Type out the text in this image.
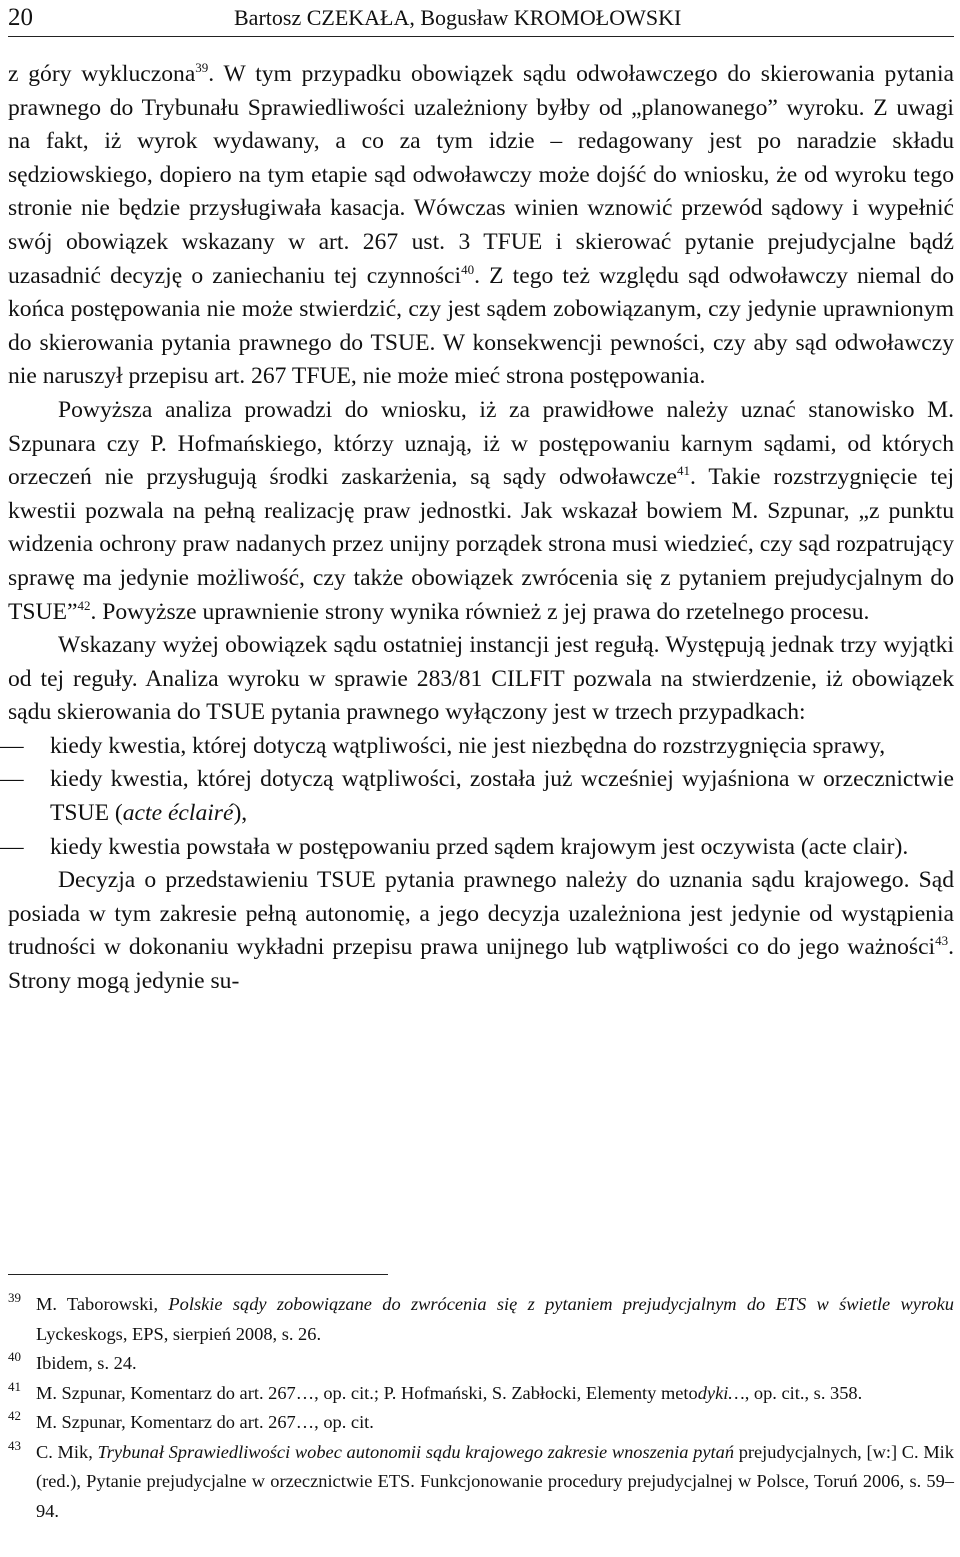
20	Bartosz CZEKAŁA, Bogusław KROMOŁOWSKI

z góry wykluczona$^{39}$. W tym przypadku obowiązek sądu odwoławczego do skierowania pytania prawnego do Trybunału Sprawiedliwości uzależniony byłby od „planowanego” wyroku. Z uwagi na fakt, iż wyrok wydawany, a co za tym idzie – redagowany jest po naradzie składu sędziowskiego, dopiero na tym etapie sąd odwoławczy może dojść do wniosku, że od wyroku tego stronie nie będzie przysługiwała kasacja. Wówczas winien wznowić przewód sądowy i wypełnić swój obowiązek wskazany w art. 267 ust. 3 TFUE i skierować pytanie prejudycjalne bądź uzasadnić decyzję o zaniechaniu tej czynności$^{40}$. Z tego też względu sąd odwoławczy niemal do końca postępowania nie może stwierdzić, czy jest sądem zobowiązanym, czy jedynie uprawnionym do skierowania pytania prawnego do TSUE. W konsekwencji pewności, czy aby sąd odwoławczy nie naruszył przepisu art. 267 TFUE, nie może mieć strona postępowania.

Powyższa analiza prowadzi do wniosku, iż za prawidłowe należy uznać stanowisko M. Szpunara czy P. Hofmańskiego, którzy uznają, iż w postępowaniu karnym sądami, od których orzeczeń nie przysługują środki zaskarżenia, są sądy odwoławcze$^{41}$. Takie rozstrzygnięcie tej kwestii pozwala na pełną realizację praw jednostki. Jak wskazał bowiem M. Szpunar, „z punktu widzenia ochrony praw nadanych przez unijny porządek strona musi wiedzieć, czy sąd rozpatrujący sprawę ma jedynie możliwość, czy także obowiązek zwrócenia się z pytaniem prejudycjalnym do TSUE”$^{42}$. Powyższe uprawnienie strony wynika również z jej prawa do rzetelnego procesu.

Wskazany wyżej obowiązek sądu ostatniej instancji jest regułą. Występują jednak trzy wyjątki od tej reguły. Analiza wyroku w sprawie 283/81 CILFIT pozwala na stwierdzenie, iż obowiązek sądu skierowania do TSUE pytania prawnego wyłączony jest w trzech przypadkach:

— kiedy kwestia, której dotyczą wątpliwości, nie jest niezbędna do rozstrzygnięcia sprawy,
— kiedy kwestia, której dotyczą wątpliwości, została już wcześniej wyjaśniona w orzecznictwie TSUE (acte éclairé),
— kiedy kwestia powstała w postępowaniu przed sądem krajowym jest oczywista (acte clair).

Decyzja o przedstawieniu TSUE pytania prawnego należy do uznania sądu krajowego. Sąd posiada w tym zakresie pełną autonomię, a jego decyzja uzależniona jest jedynie od wystąpienia trudności w dokonaniu wykładni przepisu prawa unijnego lub wątpliwości co do jego ważności$^{43}$. Strony mogą jedynie su-

39 M. Taborowski, Polskie sądy zobowiązane do zwrócenia się z pytaniem prejudycjalnym do ETS w świetle wyroku Lyckeskogs, EPS, sierpień 2008, s. 26.
40 Ibidem, s. 24.
41 M. Szpunar, Komentarz do art. 267…, op. cit.; P. Hofmański, S. Zabłocki, Elementy metodyki…, op. cit., s. 358.
42 M. Szpunar, Komentarz do art. 267…, op. cit.
43 C. Mik, Trybunał Sprawiedliwości wobec autonomii sądu krajowego zakresie wnoszenia pytań prejudycjalnych, [w:] C. Mik (red.), Pytanie prejudycjalne w orzecznictwie ETS. Funkcjonowanie procedury prejudycjalnej w Polsce, Toruń 2006, s. 59–94.
